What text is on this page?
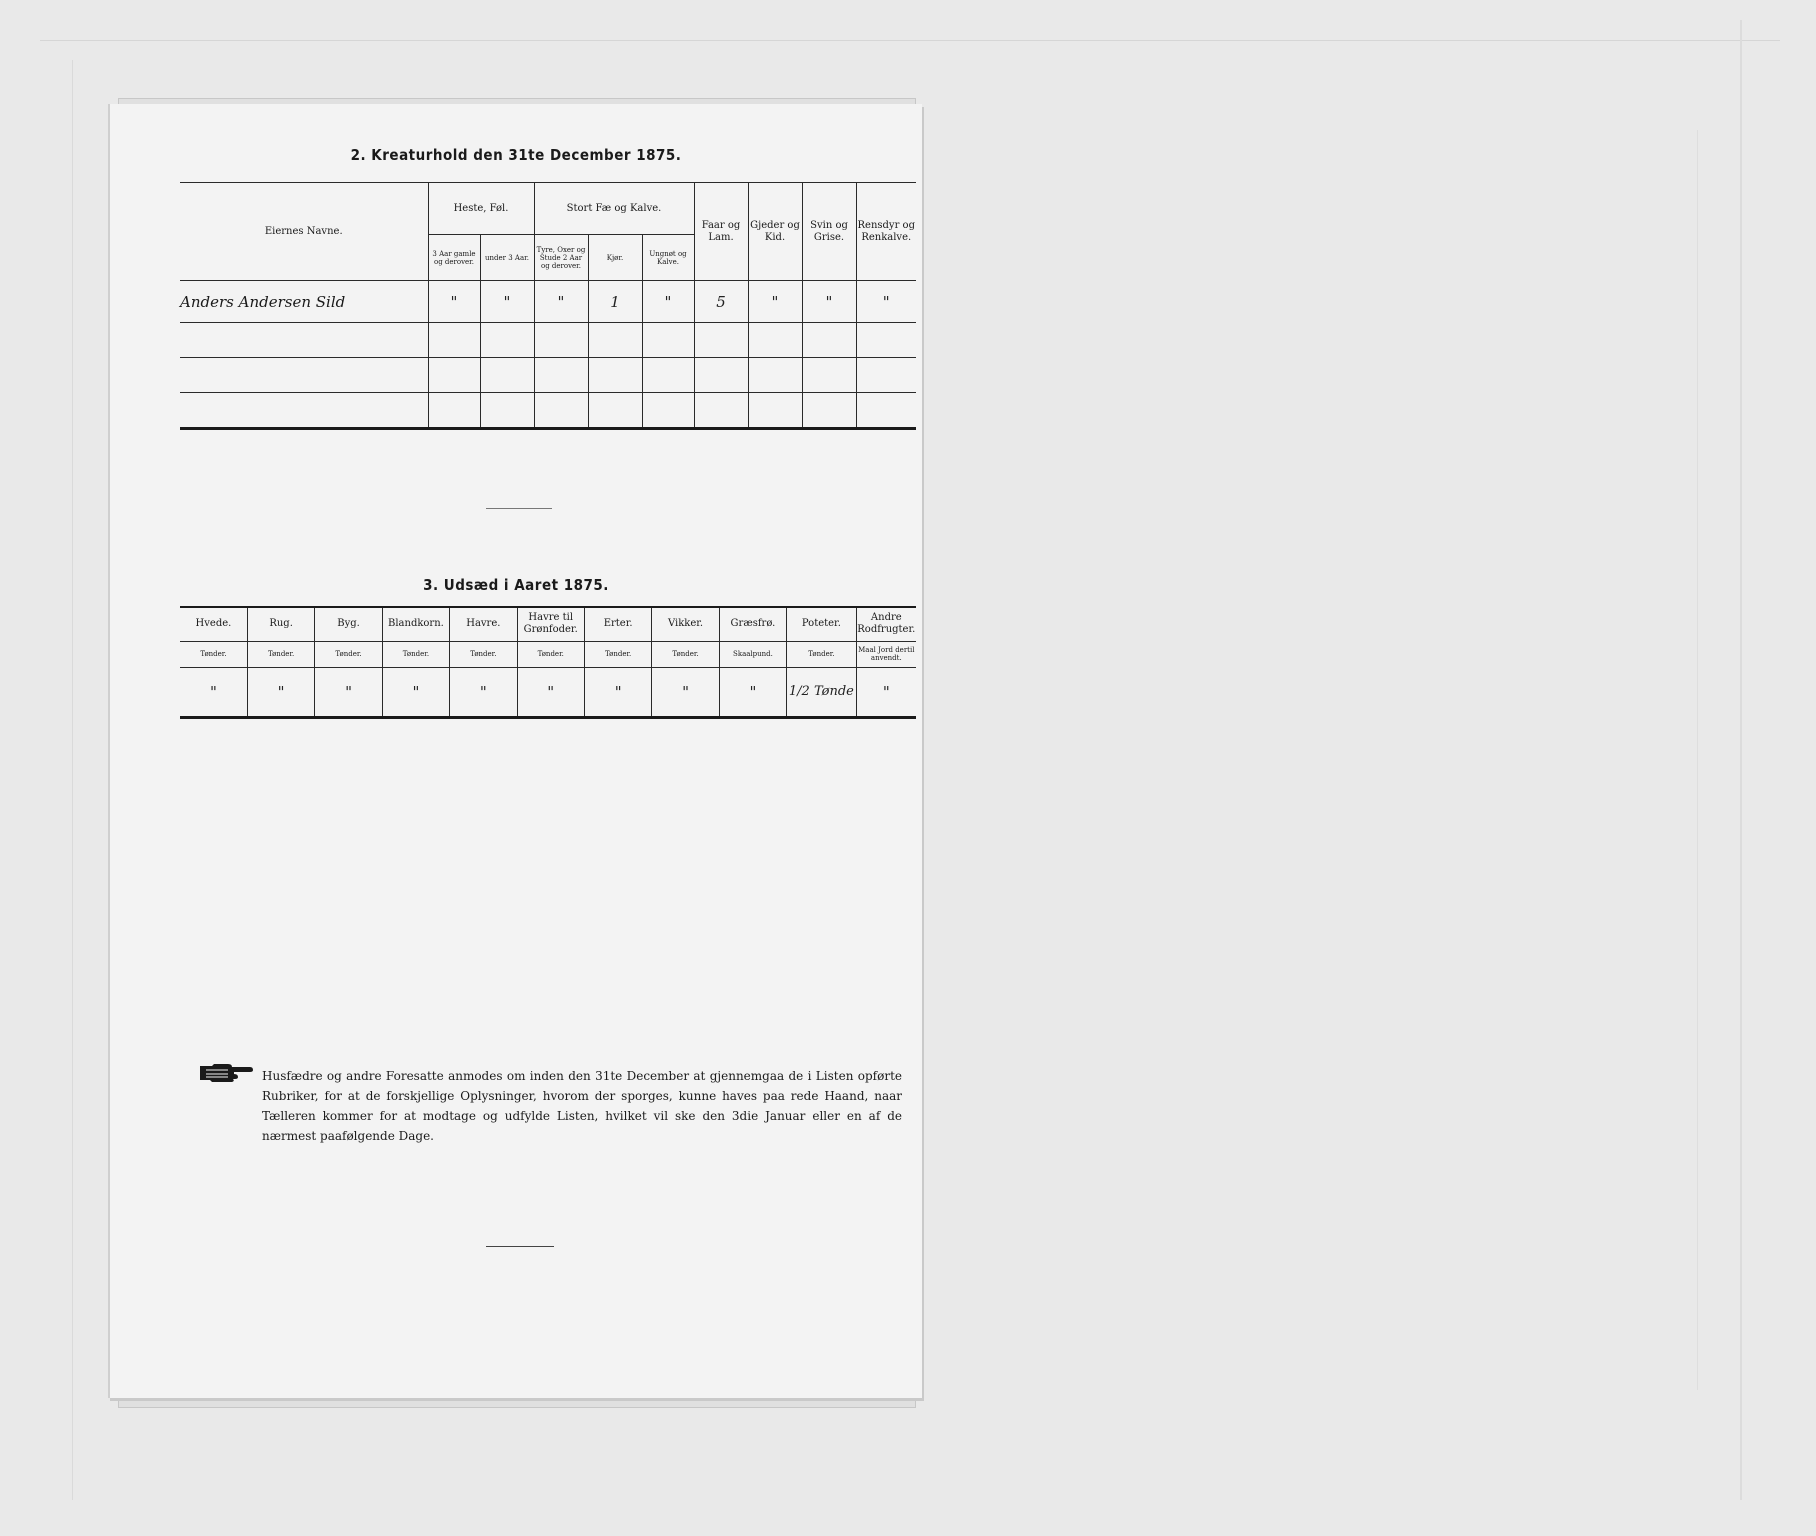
2. Kreaturhold den 31te December 1875.
Eiernes Navne.	Heste, Føl.		Stort Fæ og Kalve.			Faar og Lam.	Gjeder og Kid.	Svin og Grise.	Rensdyr og Renkalve.
	3 Aar gamle og derover.	under 3 Aar.	Tyre, Oxer og Stude 2 Aar og derover.	Kjør.	Ungnøt og Kalve.				
Anders Andersen Sild	"	"	"	1	"	5	"	"	"

3. Udsæd i Aaret 1875.
Hvede.	Rug.	Byg.	Blandkorn.	Havre.	Havre til Grønfoder.	Erter.	Vikker.	Græsfrø.	Poteter.	Andre Rodfrugter.
Tønder.	Tønder.	Tønder.	Tønder.	Tønder.	Tønder.	Tønder.	Tønder.	Skaalpund.	Tønder.	Maal Jord dertil anvendt.
"	"	"	"	"	"	"	"	"	1/2 Tønde	"
Husfædre og andre Foresatte anmodes om inden den 31te December at gjennemgaa de i Listen opførte Rubriker, for at de forskjellige Oplysninger, hvorom der sporges, kunne haves paa rede Haand, naar Tælleren kommer for at modtage og udfylde Listen, hvilket vil ske den 3die Januar eller en af de nærmest paafølgende Dage.
